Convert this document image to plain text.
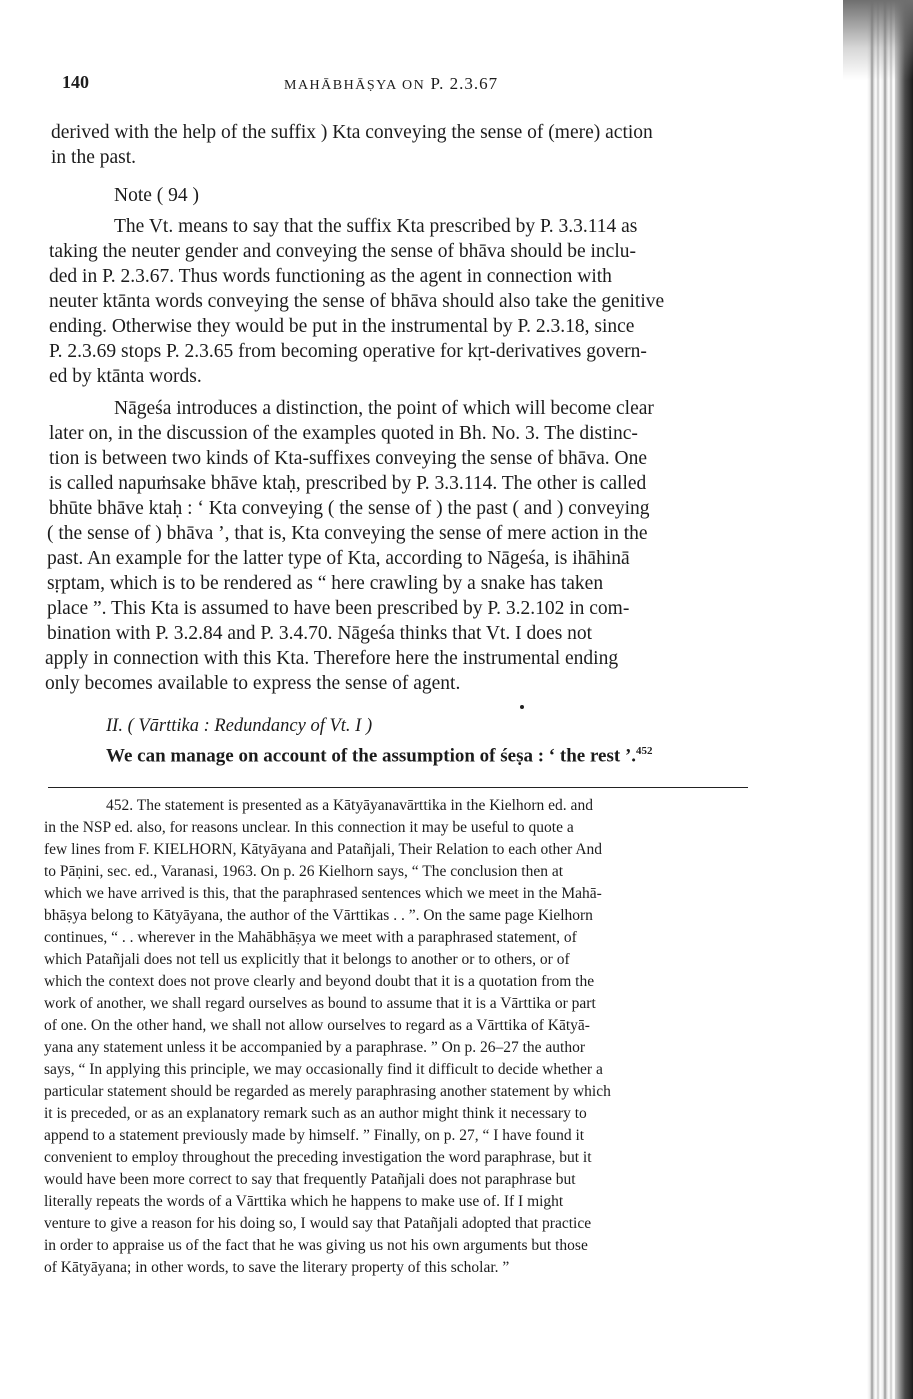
140	MAHĀBHĀṢYA ON P. 2.3.67
derived with the help of the suffix ) Kta conveying the sense of (mere) action
in the past.
Note ( 94 )
The Vt. means to say that the suffix Kta prescribed by P. 3.3.114 as
taking the neuter gender and conveying the sense of bhāva should be inclu-
ded in P. 2.3.67. Thus words functioning as the agent in connection with
neuter ktānta words conveying the sense of bhāva should also take the genitive
ending. Otherwise they would be put in the instrumental by P. 2.3.18, since
P. 2.3.69 stops P. 2.3.65 from becoming operative for kṛt-derivatives govern-
ed by ktānta words.
Nāgeśa introduces a distinction, the point of which will become clear
later on, in the discussion of the examples quoted in Bh. No. 3. The distinc-
tion is between two kinds of Kta-suffixes conveying the sense of bhāva. One
is called napuṁsake bhāve ktaḥ, prescribed by P. 3.3.114. The other is called
bhūte bhāve ktaḥ : ‘ Kta conveying ( the sense of ) the past ( and ) conveying
( the sense of ) bhāva ’, that is, Kta conveying the sense of mere action in the
past. An example for the latter type of Kta, according to Nāgeśa, is ihāhinā
sṛptam, which is to be rendered as “ here crawling by a snake has taken
place ”. This Kta is assumed to have been prescribed by P. 3.2.102 in com-
bination with P. 3.2.84 and P. 3.4.70. Nāgeśa thinks that Vt. I does not
apply in connection with this Kta. Therefore here the instrumental ending
only becomes available to express the sense of agent.
II. ( Vārttika : Redundancy of Vt. I )
We can manage on account of the assumption of śeṣa : ‘ the rest ’.$^{452}$
452. The statement is presented as a Kātyāyanavārttika in the Kielhorn ed. and
in the NSP ed. also, for reasons unclear. In this connection it may be useful to quote a
few lines from F. KIELHORN, Kātyāyana and Patañjali, Their Relation to each other And
to Pāṇini, sec. ed., Varanasi, 1963. On p. 26 Kielhorn says, “ The conclusion then at
which we have arrived is this, that the paraphrased sentences which we meet in the Mahā-
bhāṣya belong to Kātyāyana, the author of the Vārttikas . . ”. On the same page Kielhorn
continues, “ . . wherever in the Mahābhāṣya we meet with a paraphrased statement, of
which Patañjali does not tell us explicitly that it belongs to another or to others, or of
which the context does not prove clearly and beyond doubt that it is a quotation from the
work of another, we shall regard ourselves as bound to assume that it is a Vārttika or part
of one. On the other hand, we shall not allow ourselves to regard as a Vārttika of Kātyā-
yana any statement unless it be accompanied by a paraphrase. ” On p. 26–27 the author
says, “ In applying this principle, we may occasionally find it difficult to decide whether a
particular statement should be regarded as merely paraphrasing another statement by which
it is preceded, or as an explanatory remark such as an author might think it necessary to
append to a statement previously made by himself. ” Finally, on p. 27, “ I have found it
convenient to employ throughout the preceding investigation the word paraphrase, but it
would have been more correct to say that frequently Patañjali does not paraphrase but
literally repeats the words of a Vārttika which he happens to make use of. If I might
venture to give a reason for his doing so, I would say that Patañjali adopted that practice
in order to appraise us of the fact that he was giving us not his own arguments but those
of Kātyāyana; in other words, to save the literary property of this scholar. ”
